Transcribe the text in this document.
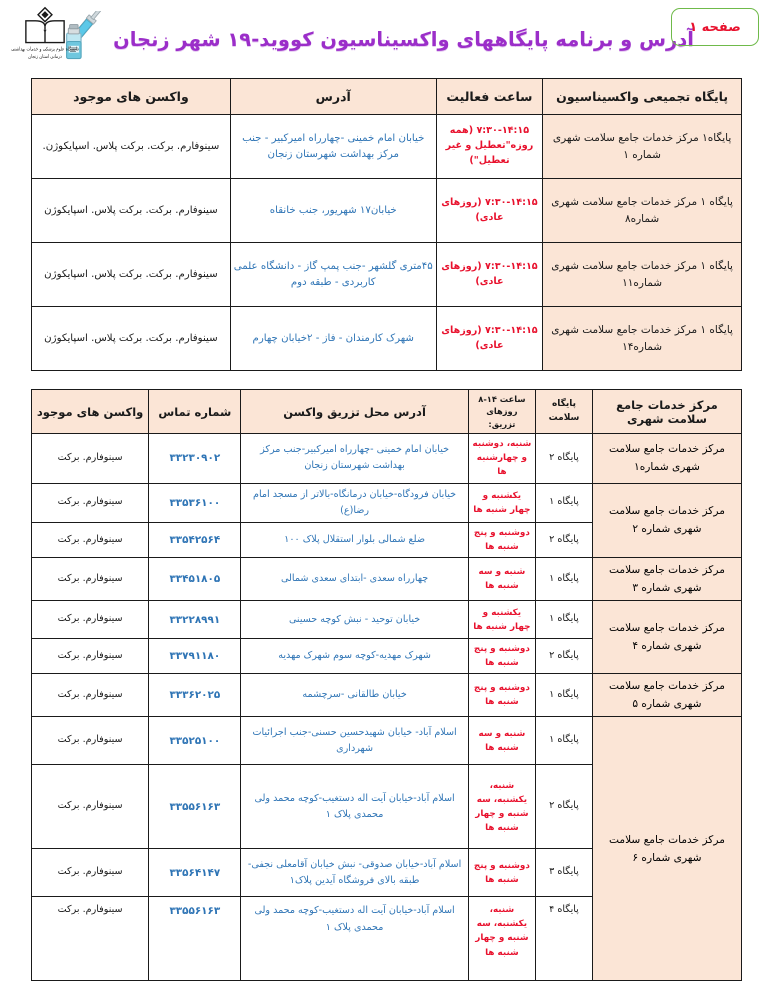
دانشگاه علوم پزشکی و خدمات بهداشتی درمانی استان زنجان
آدرس و برنامه پایگاههای واکسیناسیون کووید-۱۹ شهر زنجان
صفحه ۱
پایگاه تجمیعی واکسیناسیون	ساعت فعالیت	آدرس	واکسن های موجود
پایگاه۱ مرکز خدمات جامع سلامت شهری شماره ۱	۷:۳۰-۱۴:۱۵ (همه روزه"تعطیل و غیر تعطیل")	خیابان امام خمینی -چهارراه امیرکبیر - جنب مرکز بهداشت شهرستان زنجان	سینوفارم. برکت. برکت پلاس. اسپایکوژن.
پایگاه ۱ مرکز خدمات جامع سلامت شهری شماره۸	۷:۳۰-۱۴:۱۵ (روزهای عادی)	خیابان۱۷ شهریور، جنب خانقاه	سینوفارم. برکت. برکت پلاس. اسپایکوژن
پایگاه ۱ مرکز خدمات جامع سلامت شهری شماره۱۱	۷:۳۰-۱۴:۱۵ (روزهای عادی)	۴۵متری گلشهر -جنب پمپ گاز - دانشگاه علمی کاربردی - طبقه دوم	سینوفارم. برکت. برکت پلاس. اسپایکوژن
پایگاه ۱ مرکز خدمات جامع سلامت شهری شماره۱۴	۷:۳۰-۱۴:۱۵ (روزهای عادی)	شهرک کارمندان - فاز - ۲خیابان چهارم	سینوفارم. برکت. برکت پلاس. اسپایکوژن
مرکز خدمات جامع سلامت شهری	پایگاه سلامت	ساعت ۱۴-۸ روزهای تزریق:	آدرس محل تزریق واکسن	شماره تماس	واکسن های موجود
مرکز خدمات جامع سلامت شهری شماره۱	پایگاه ۲	شنبه، دوشنبه و چهارشنبه ها	خیابان امام خمینی -چهارراه امیرکبیر-جنب مرکز بهداشت شهرستان زنجان	۳۳۲۳۰۹۰۲	سینوفارم. برکت
مرکز خدمات جامع سلامت شهری شماره ۲	پایگاه ۱	یکشنبه و چهار شنبه ها	خیابان فرودگاه-خیابان درمانگاه-بالاتر از مسجد امام رضا(ع)	۳۳۵۳۶۱۰۰	سینوفارم. برکت
	پایگاه ۲	دوشنبه و پنج شنبه ها	ضلع شمالی بلوار استقلال پلاک ۱۰۰	۳۳۵۴۲۵۶۴	سینوفارم. برکت
مرکز خدمات جامع سلامت شهری شماره ۳	پایگاه ۱	شنبه و سه شنبه ها	چهارراه سعدی -ابتدای سعدی شمالی	۳۳۴۵۱۸۰۵	سینوفارم. برکت
مرکز خدمات جامع سلامت شهری شماره ۴	پایگاه ۱	یکشنبه و چهار شنبه ها	خیابان توحید - نبش کوچه حسینی	۳۳۲۲۸۹۹۱	سینوفارم. برکت
	پایگاه ۲	دوشنبه و پنج شنبه ها	شهرک مهدیه-کوچه سوم شهرک مهدیه	۳۳۷۹۱۱۸۰	سینوفارم. برکت
مرکز خدمات جامع سلامت شهری شماره ۵	پایگاه ۱	دوشنبه و پنج شنبه ها	خیابان طالقانی -سرچشمه	۳۳۳۶۲۰۲۵	سینوفارم. برکت
مرکز خدمات جامع سلامت شهری شماره ۶	پایگاه ۱	شنبه و سه شنبه ها	اسلام آباد- خیابان شهیدحسین حسنی-جنب اجرائیات شهرداری	۳۳۵۲۵۱۰۰	سینوفارم. برکت
	پایگاه ۲	شنبه، یکشنبه، سه شنبه و چهار شنبه ها	اسلام آباد-خیابان آیت اله دستغیب-کوچه محمد ولی محمدی پلاک ۱	۳۳۵۵۶۱۶۳	سینوفارم. برکت
	پایگاه ۳	دوشنبه و پنج شنبه ها	اسلام آباد-خیابان صدوقی- نبش خیابان آقامعلی نجفی-طبقه بالای فروشگاه آیدین پلاک۱	۳۳۵۶۴۱۴۷	سینوفارم. برکت
	پایگاه ۴	شنبه، یکشنبه، سه شنبه و چهار شنبه ها	اسلام آباد-خیابان آیت اله دستغیب-کوچه محمد ولی محمدی پلاک ۱	۳۳۵۵۶۱۶۳	سینوفارم. برکت
